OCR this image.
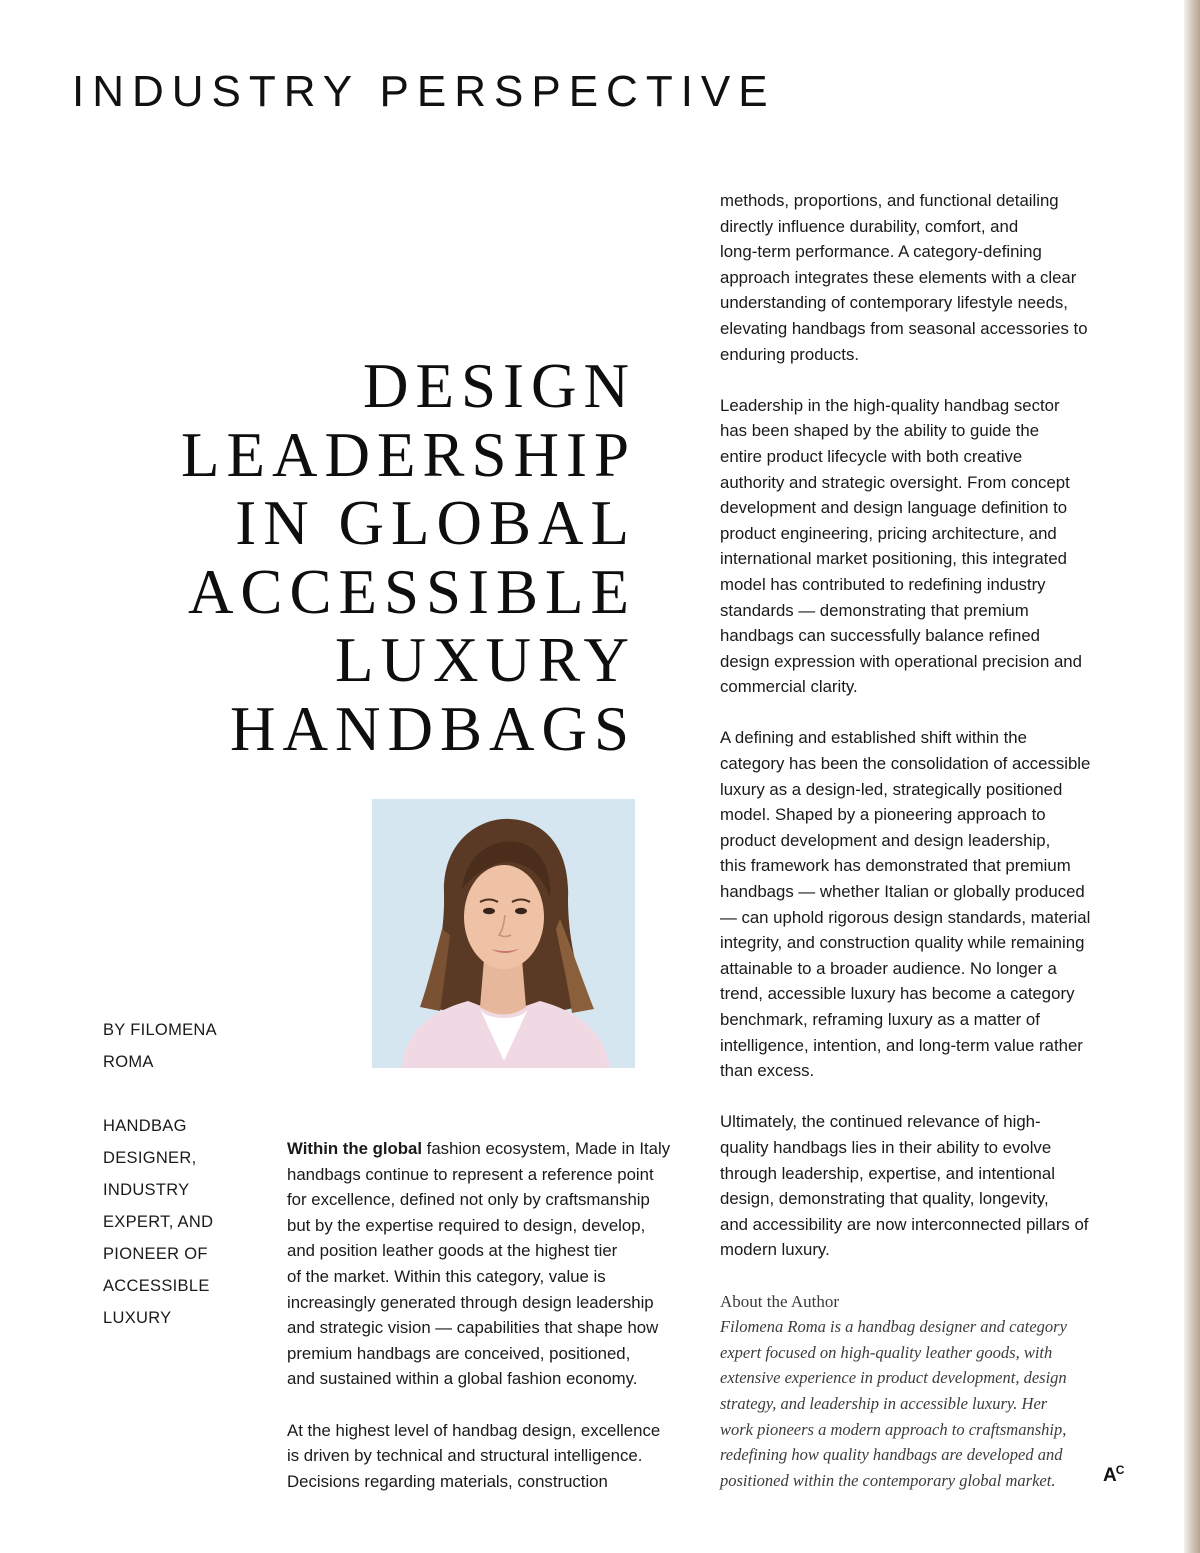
INDUSTRY PERSPECTIVE
DESIGN
LEADERSHIP
IN GLOBAL
ACCESSIBLE
LUXURY
HANDBAGS
BY FILOMENA
ROMA
HANDBAG
DESIGNER,
INDUSTRY
EXPERT, AND
PIONEER OF
ACCESSIBLE
LUXURY

Within the global fashion ecosystem, Made in Italy
handbags continue to represent a reference point
for excellence, defined not only by craftsmanship
but by the expertise required to design, develop,
and position leather goods at the highest tier
of the market. Within this category, value is
increasingly generated through design leadership
and strategic vision — capabilities that shape how
premium handbags are conceived, positioned,
and sustained within a global fashion economy.

At the highest level of handbag design, excellence
is driven by technical and structural intelligence.
Decisions regarding materials, construction

methods, proportions, and functional detailing
directly influence durability, comfort, and
long-term performance. A category-defining
approach integrates these elements with a clear
understanding of contemporary lifestyle needs,
elevating handbags from seasonal accessories to
enduring products.

Leadership in the high-quality handbag sector
has been shaped by the ability to guide the
entire product lifecycle with both creative
authority and strategic oversight. From concept
development and design language definition to
product engineering, pricing architecture, and
international market positioning, this integrated
model has contributed to redefining industry
standards — demonstrating that premium
handbags can successfully balance refined
design expression with operational precision and
commercial clarity.

A defining and established shift within the
category has been the consolidation of accessible
luxury as a design-led, strategically positioned
model. Shaped by a pioneering approach to
product development and design leadership,
this framework has demonstrated that premium
handbags — whether Italian or globally produced
— can uphold rigorous design standards, material
integrity, and construction quality while remaining
attainable to a broader audience. No longer a
trend, accessible luxury has become a category
benchmark, reframing luxury as a matter of
intelligence, intention, and long-term value rather
than excess.

Ultimately, the continued relevance of high-
quality handbags lies in their ability to evolve
through leadership, expertise, and intentional
design, demonstrating that quality, longevity,
and accessibility are now interconnected pillars of
modern luxury.

About the Author
Filomena Roma is a handbag designer and category
expert focused on high-quality leather goods, with
extensive experience in product development, design
strategy, and leadership in accessible luxury. Her
work pioneers a modern approach to craftsmanship,
redefining how quality handbags are developed and
positioned within the contemporary global market.	$A^C$
